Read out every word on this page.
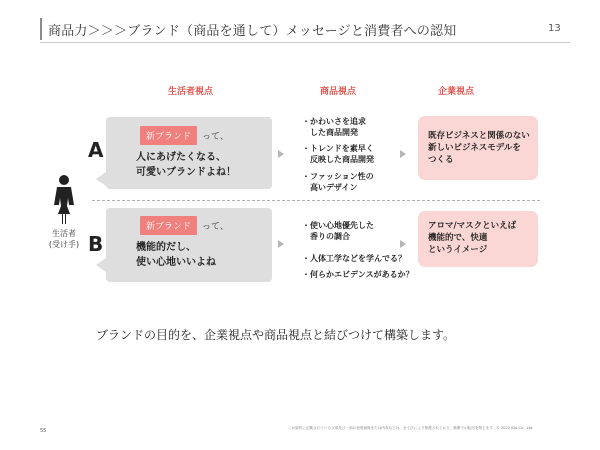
商品力＞＞＞ブランド（商品を通して）メッセージと消費者への認知	13
生活者視点	商品視点	企業視点
生活者
(受け手)
A
新ブランド	って、
人にあげたくなる、
可愛いブランドよね！
・かわいさを追求
　した商品開発
・トレンドを素早く
　反映した商品開発
・ファッション性の
　高いデザイン
既存ビジネスと関係のない
新しいビジネスモデルを
つくる
B
新ブランド	って、
機能的だし、
使い心地いいよね
・使い心地優先した
　香りの調合
・人体工学などを学んでる？
・何らかエビデンスがあるか？
アロマ/マスクといえば
機能的で、快適
というイメージ
ブランドの目的を、企業視点や商品視点と結びつけて構築します。
55	この資料に記載されている文章及び一部の表現画像または内容などは、全て法により保護されており、無断での転用を禁じます。© 2022 IDA Co., Ltd.
